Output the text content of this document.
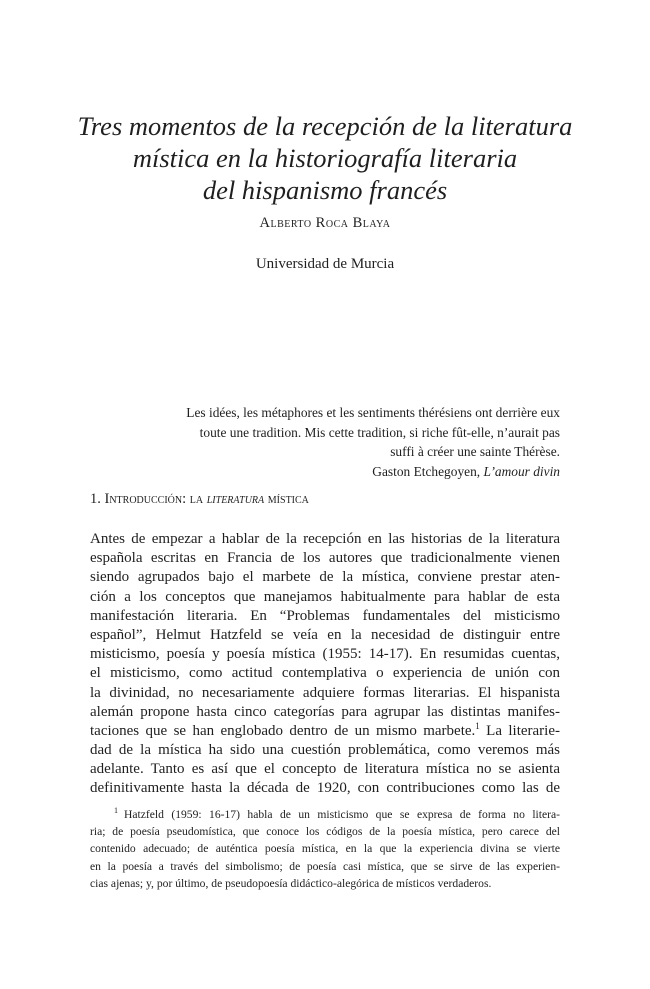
Tres momentos de la recepción de la literatura
mística en la historiografía literaria
del hispanismo francés
Alberto Roca Blaya
Universidad de Murcia
Les idées, les métaphores et les sentiments thérésiens ont derrière eux
toute une tradition. Mis cette tradition, si riche fût-elle, n’aurait pas
suffi à créer une sainte Thérèse.
Gaston Etchegoyen, L’amour divin
1. Introducción: la literatura mística
Antes de empezar a hablar de la recepción en las historias de la literatura
española escritas en Francia de los autores que tradicionalmente vienen
siendo agrupados bajo el marbete de la mística, conviene prestar aten-
ción a los conceptos que manejamos habitualmente para hablar de esta
manifestación literaria. En “Problemas fundamentales del misticismo
español”, Helmut Hatzfeld se veía en la necesidad de distinguir entre
misticismo, poesía y poesía mística (1955: 14-17). En resumidas cuentas,
el misticismo, como actitud contemplativa o experiencia de unión con
la divinidad, no necesariamente adquiere formas literarias. El hispanista
alemán propone hasta cinco categorías para agrupar las distintas manifes-
taciones que se han englobado dentro de un mismo marbete.$^1$ La literarie-
dad de la mística ha sido una cuestión problemática, como veremos más
adelante. Tanto es así que el concepto de literatura mística no se asienta
definitivamente hasta la década de 1920, con contribuciones como las de
$^1$ Hatzfeld (1959: 16-17) habla de un misticismo que se expresa de forma no litera-
ria; de poesía pseudomística, que conoce los códigos de la poesía mística, pero carece del
contenido adecuado; de auténtica poesía mística, en la que la experiencia divina se vierte
en la poesía a través del simbolismo; de poesía casi mística, que se sirve de las experien-
cias ajenas; y, por último, de pseudopoesía didáctico-alegórica de místicos verdaderos.
